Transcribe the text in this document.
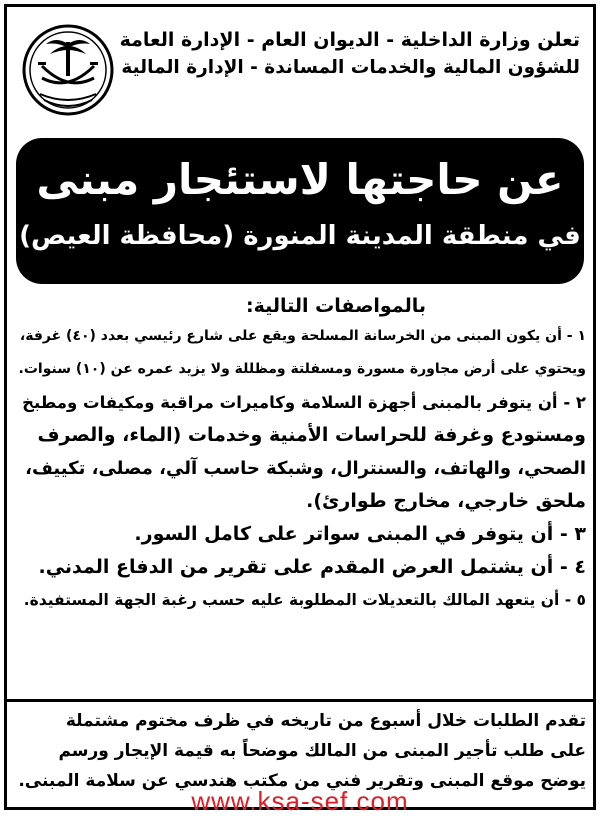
تعلن وزارة الداخلية - الديوان العام - الإدارة العامة
للشؤون المالية والخدمات المساندة - الإدارة المالية
عن حاجتها لاستئجار مبنى
في منطقة المدينة المنورة (محافظة العيص)
بالمواصفات التالية:
١ - أن يكون المبنى من الخرسانة المسلحة ويقع على شارع رئيسي بعدد (٤٠) غرفة،
ويحتوي على أرض مجاورة مسورة ومسفلتة ومظللة ولا يزيد عمره عن (١٠) سنوات.
٢ - أن يتوفر بالمبنى أجهزة السلامة وكاميرات مراقبة ومكيفات ومطبخ
ومستودع وغرفة للحراسات الأمنية وخدمات (الماء، والصرف
الصحي، والهاتف، والسنترال، وشبكة حاسب آلي، مصلى، تكييف،
ملحق خارجي، مخارج طوارئ).
٣ - أن يتوفر في المبنى سواتر على كامل السور.
٤ - أن يشتمل العرض المقدم على تقرير من الدفاع المدني.
٥ - أن يتعهد المالك بالتعديلات المطلوبة عليه حسب رغبة الجهة المستفيدة.
تقدم الطلبات خلال أسبوع من تاريخه في ظرف مختوم مشتملة
على طلب تأجير المبنى من المالك موضحاً به قيمة الإيجار ورسم
يوضح موقع المبنى وتقرير فني من مكتب هندسي عن سلامة المبنى.
www.ksa-sef.com
